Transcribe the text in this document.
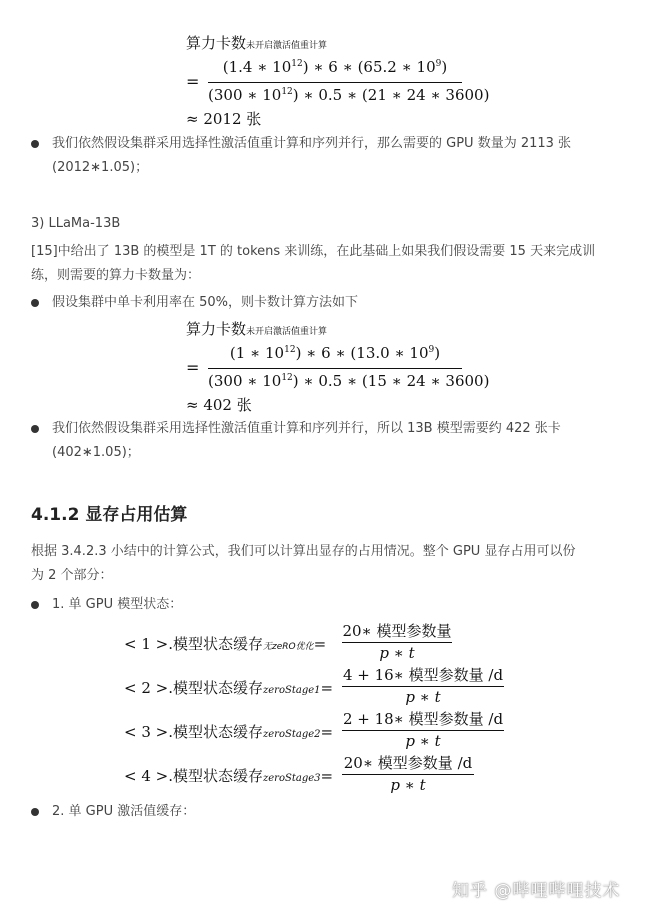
算力卡数未开启激活值重计算
=
(1.4 ∗ $10^{12}$) ∗ 6 ∗ (65.2 ∗ $10^9$)
(300 ∗ $10^{12}$) ∗ 0.5 ∗ (21 ∗ 24 ∗ 3600)
≈ 2012 张
我们依然假设集群采用选择性激活值重计算和序列并行，那么需要的 GPU 数量为 2113 张
(2012∗1.05)；
3) LLaMa-13B
[15]中给出了 13B 的模型是 1T 的 tokens 来训练，在此基础上如果我们假设需要 15 天来完成训
练，则需要的算力卡数量为：
假设集群中单卡利用率在 50%，则卡数计算方法如下
算力卡数未开启激活值重计算
=
(1 ∗ $10^{12}$) ∗ 6 ∗ (13.0 ∗ $10^9$)
(300 ∗ $10^{12}$) ∗ 0.5 ∗ (15 ∗ 24 ∗ 3600)
≈ 402 张
我们依然假设集群采用选择性激活值重计算和序列并行，所以 13B 模型需要约 422 张卡
(402∗1.05)；
4.1.2 显存占用估算
根据 3.4.2.3 小结中的计算公式，我们可以计算出显存的占用情况。整个 GPU 显存占用可以份
为 2 个部分：
1. 单 GPU 模型状态：
< 1 >.模型状态缓存无zeRO优化=
20∗ 模型参数量
p ∗ t
< 2 >.模型状态缓存zeroStage1=
4 + 16∗ 模型参数量 /d
p ∗ t
< 3 >.模型状态缓存zeroStage2=
2 + 18∗ 模型参数量 /d
p ∗ t
< 4 >.模型状态缓存zeroStage3=
20∗ 模型参数量 /d
p ∗ t
2. 单 GPU 激活值缓存：
知乎 @哔哩哔哩技术
